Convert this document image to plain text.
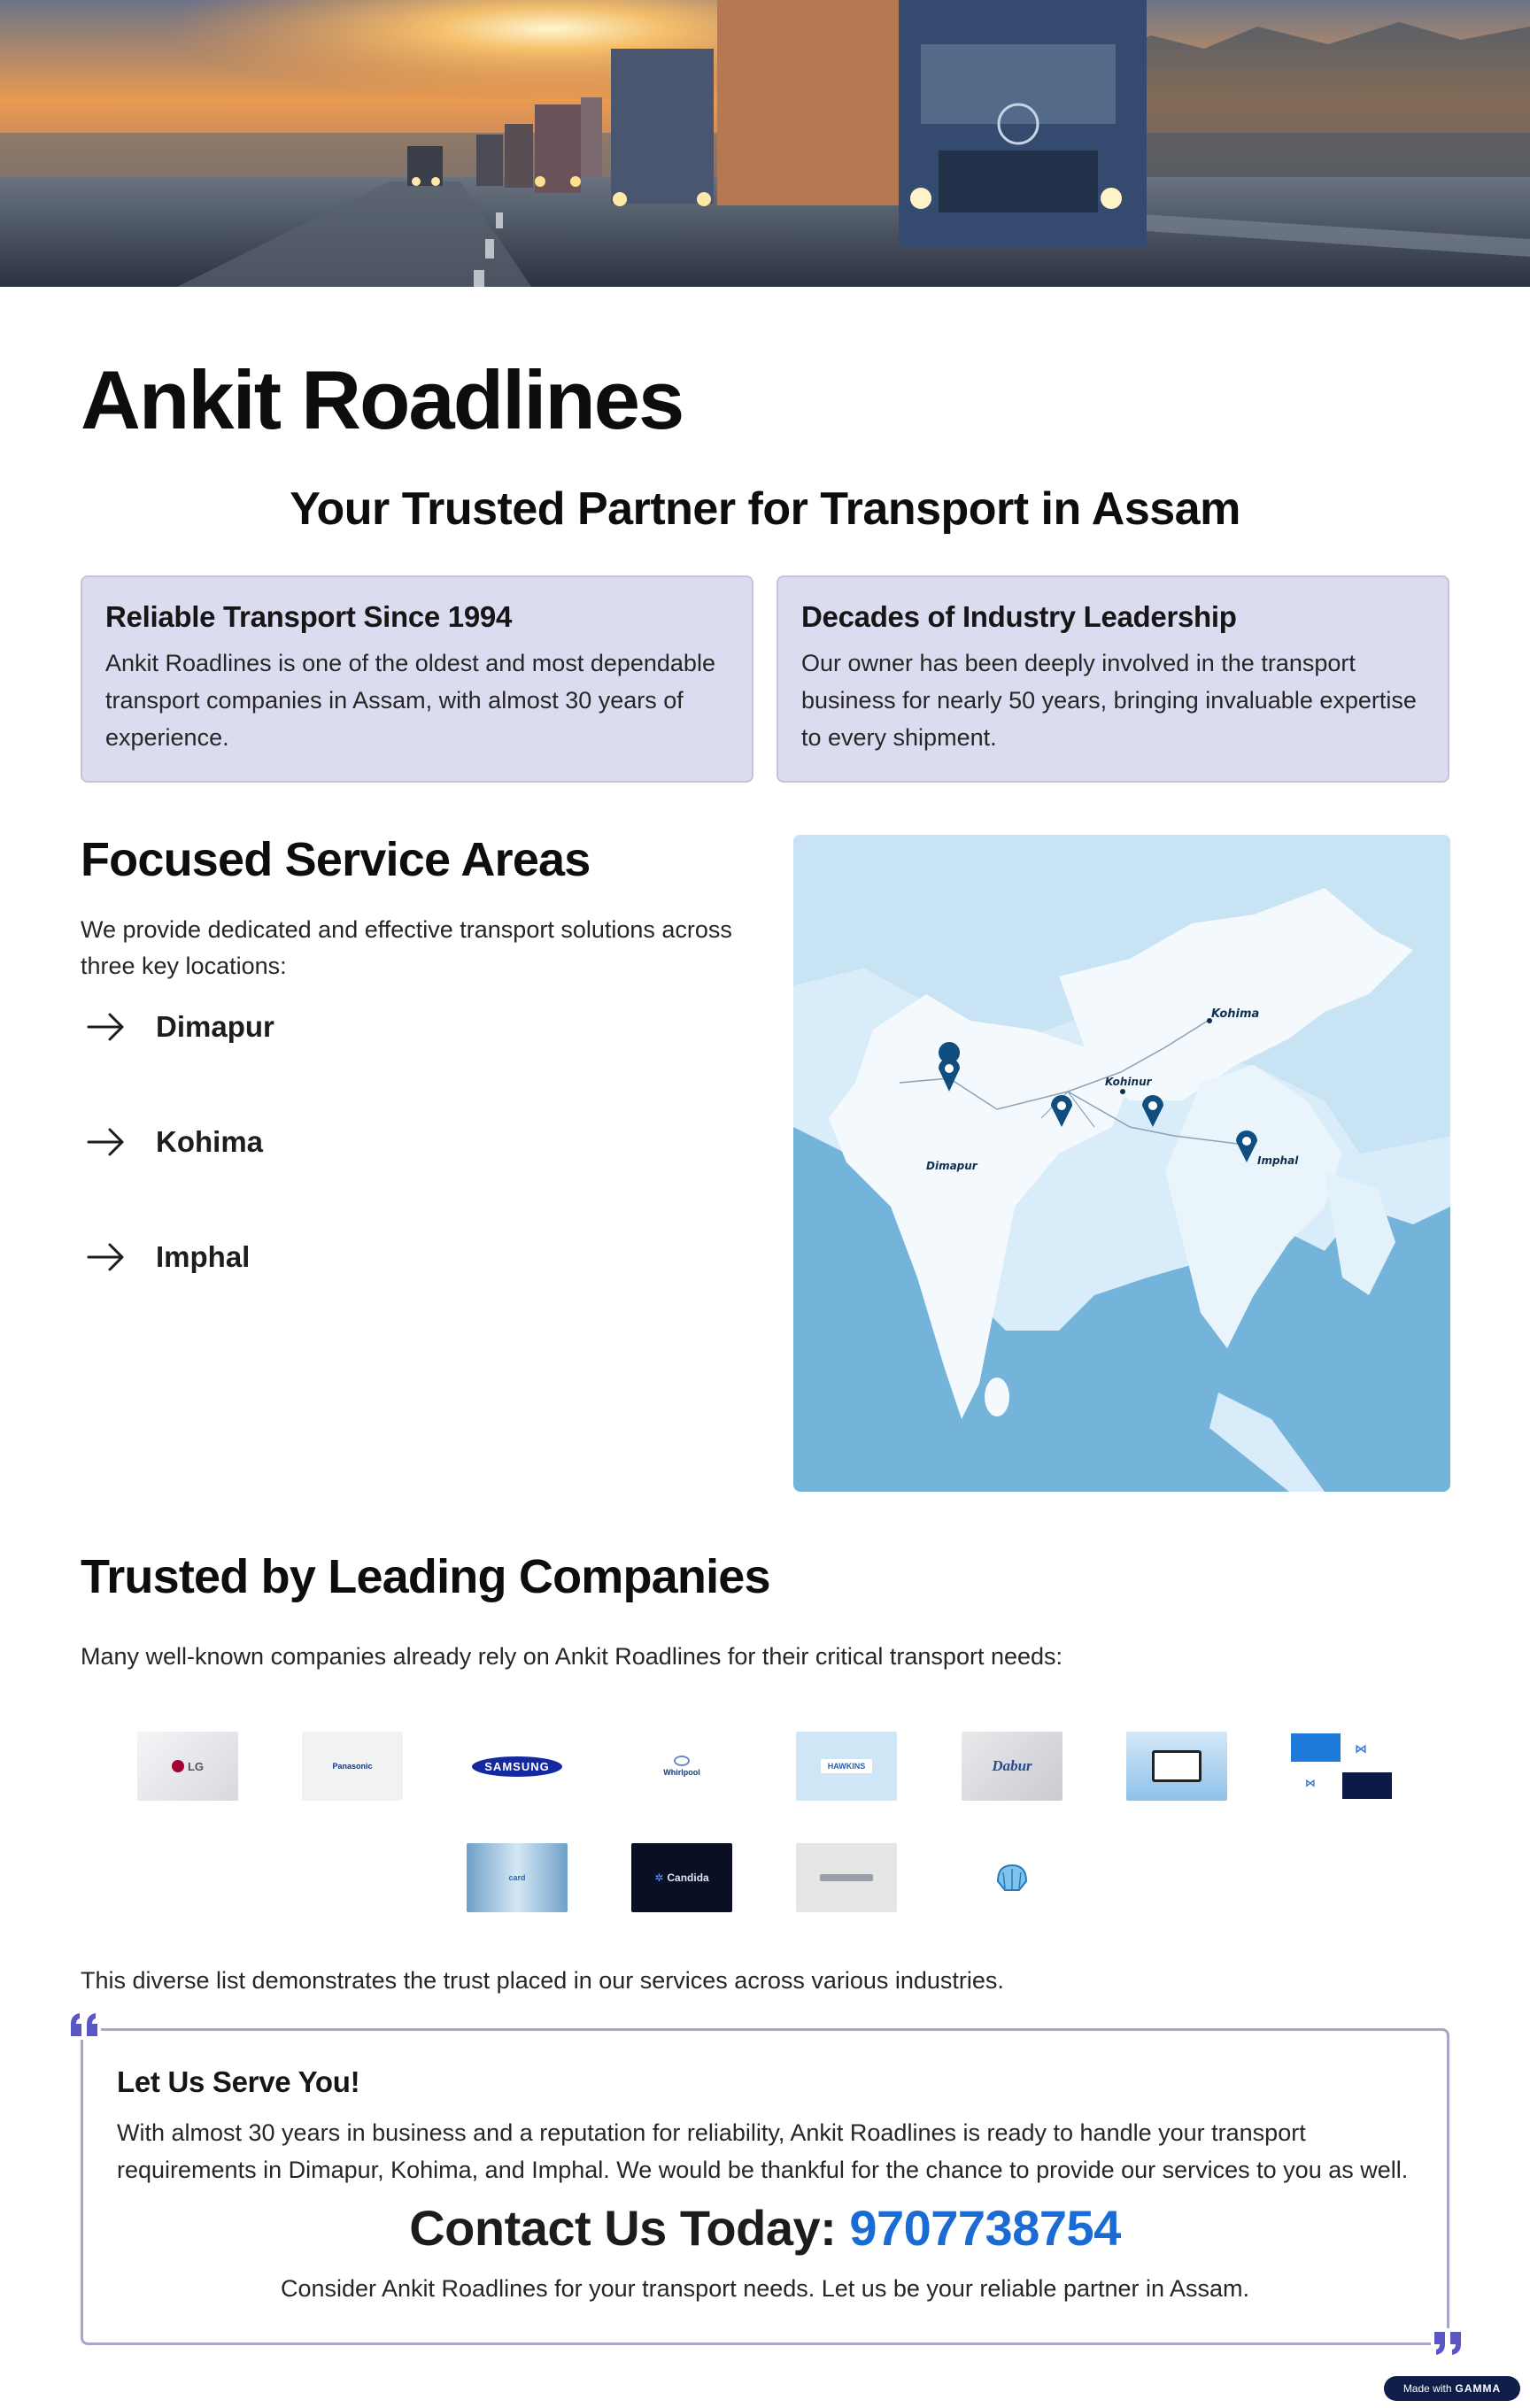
Ankit Roadlines
Your Trusted Partner for Transport in Assam
Reliable Transport Since 1994

Ankit Roadlines is one of the oldest and most dependable transport companies in Assam, with almost 30 years of experience.

Decades of Industry Leadership

Our owner has been deeply involved in the transport business for nearly 50 years, bringing invaluable expertise to every shipment.

Focused Service Areas

We provide dedicated and effective transport solutions across three key locations:

Dimapur
Kohima
Imphal
Kohima
Kohinur
Dimapur	Imphal
Trusted by Leading Companies

Many well-known companies already rely on Ankit Roadlines for their critical transport needs:

LG	Panasonic	SAMSUNG	Whirlpool
HAWKINS	Dabur
⋈
⋈
card	✲ Candida

This diverse list demonstrates the trust placed in our services across various industries.

Let Us Serve You!

With almost 30 years in business and a reputation for reliability, Ankit Roadlines is ready to handle your transport requirements in Dimapur, Kohima, and Imphal. We would be thankful for the chance to provide our services to you as well.

Contact Us Today: 9707738754

Consider Ankit Roadlines for your transport needs. Let us be your reliable partner in Assam.

Made with GAMMA
